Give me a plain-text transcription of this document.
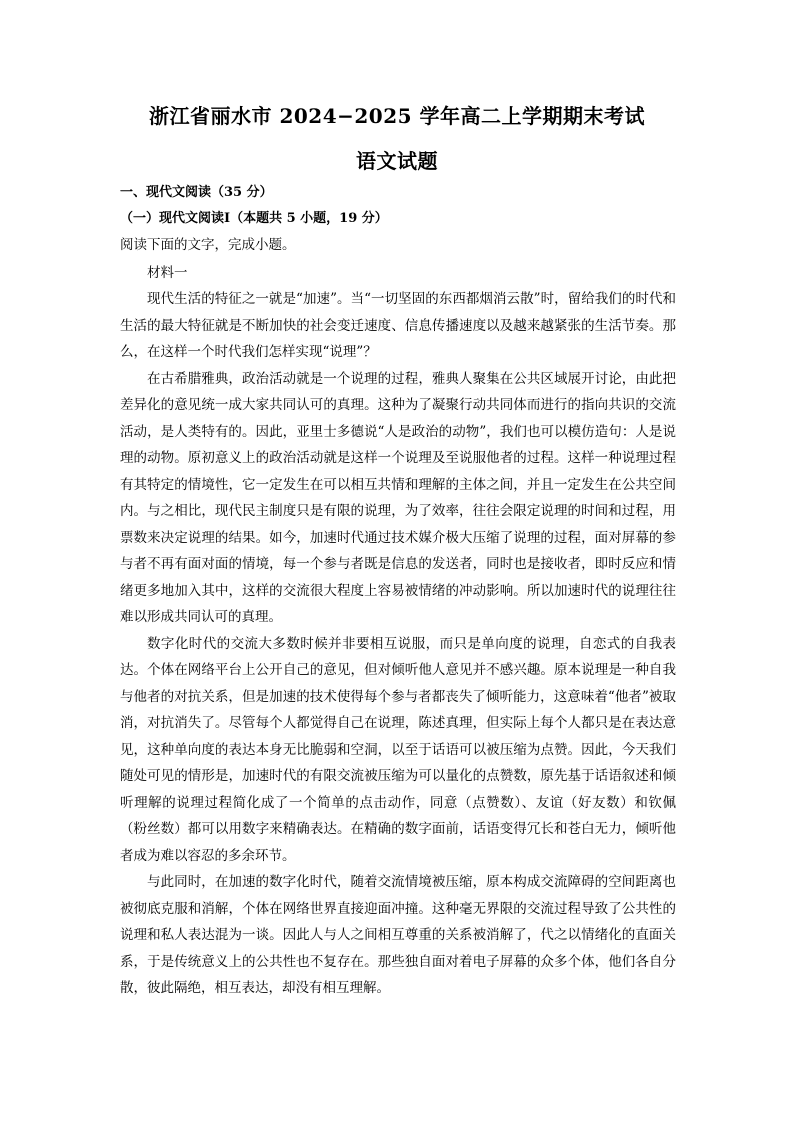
浙江省丽水市 2024−2025 学年高二上学期期末考试
语文试题
一、现代文阅读（35 分）
（一）现代文阅读Ⅰ（本题共 5 小题，19 分）
阅读下面的文字，完成小题。
材料一

现代生活的特征之一就是“加速”。当“一切坚固的东西都烟消云散”时，留给我们的时代和生活的最大特征就是不断加快的社会变迁速度、信息传播速度以及越来越紧张的生活节奏。那么，在这样一个时代我们怎样实现“说理”？

在古希腊雅典，政治活动就是一个说理的过程，雅典人聚集在公共区域展开讨论，由此把差异化的意见统一成大家共同认可的真理。这种为了凝聚行动共同体而进行的指向共识的交流活动，是人类特有的。因此，亚里士多德说“人是政治的动物”，我们也可以模仿造句：人是说理的动物。原初意义上的政治活动就是这样一个说理及至说服他者的过程。这样一种说理过程有其特定的情境性，它一定发生在可以相互共情和理解的主体之间，并且一定发生在公共空间内。与之相比，现代民主制度只是有限的说理，为了效率，往往会限定说理的时间和过程，用票数来决定说理的结果。如今，加速时代通过技术媒介极大压缩了说理的过程，面对屏幕的参与者不再有面对面的情境，每一个参与者既是信息的发送者，同时也是接收者，即时反应和情绪更多地加入其中，这样的交流很大程度上容易被情绪的冲动影响。所以加速时代的说理往往难以形成共同认可的真理。

数字化时代的交流大多数时候并非要相互说服，而只是单向度的说理，自恋式的自我表达。个体在网络平台上公开自己的意见，但对倾听他人意见并不感兴趣。原本说理是一种自我与他者的对抗关系，但是加速的技术使得每个参与者都丧失了倾听能力，这意味着“他者”被取消，对抗消失了。尽管每个人都觉得自己在说理，陈述真理，但实际上每个人都只是在表达意见，这种单向度的表达本身无比脆弱和空洞，以至于话语可以被压缩为点赞。因此，今天我们随处可见的情形是，加速时代的有限交流被压缩为可以量化的点赞数，原先基于话语叙述和倾听理解的说理过程简化成了一个简单的点击动作，同意（点赞数）、友谊（好友数）和钦佩（粉丝数）都可以用数字来精确表达。在精确的数字面前，话语变得冗长和苍白无力，倾听他者成为难以容忍的多余环节。

与此同时，在加速的数字化时代，随着交流情境被压缩，原本构成交流障碍的空间距离也被彻底克服和消解，个体在网络世界直接迎面冲撞。这种毫无界限的交流过程导致了公共性的说理和私人表达混为一谈。因此人与人之间相互尊重的关系被消解了，代之以情绪化的直面关系，于是传统意义上的公共性也不复存在。那些独自面对着电子屏幕的众多个体，他们各自分散，彼此隔绝，相互表达，却没有相互理解。
